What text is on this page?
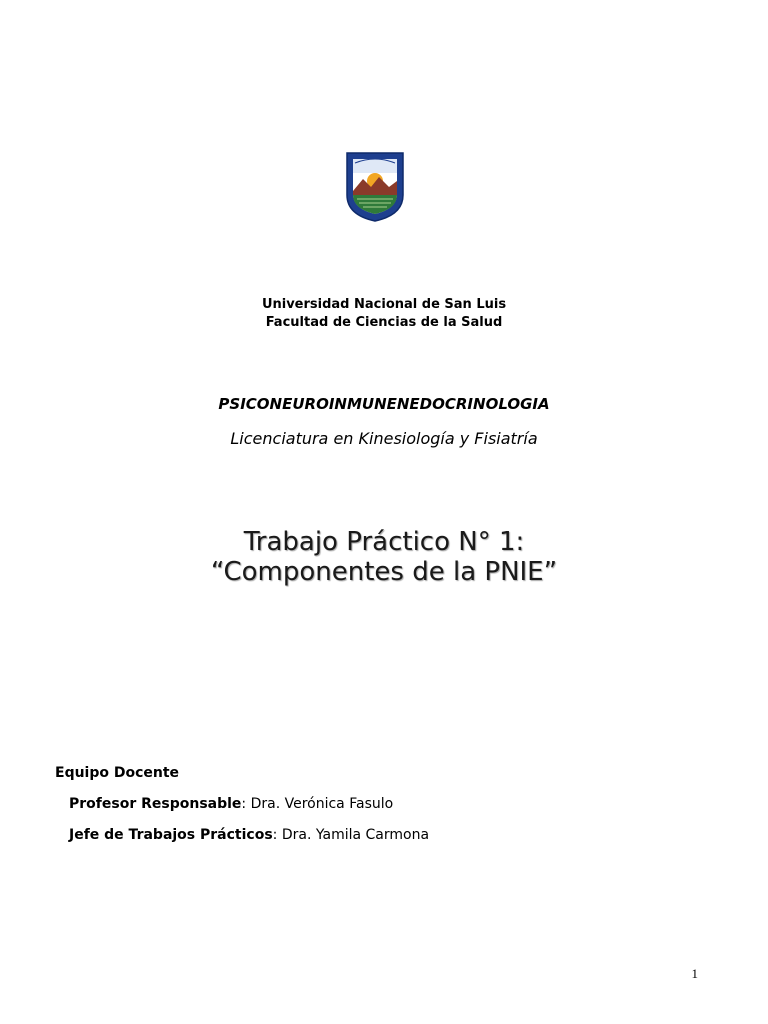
Universidad Nacional de San Luis
Facultad de Ciencias de la Salud
PSICONEUROINMUNENEDOCRINOLOGIA
Licenciatura en Kinesiología y Fisiatría
Trabajo Práctico N° 1:
“Componentes de la PNIE”
Equipo Docente
Profesor Responsable: Dra. Verónica Fasulo
Jefe de Trabajos Prácticos: Dra. Yamila Carmona
1
